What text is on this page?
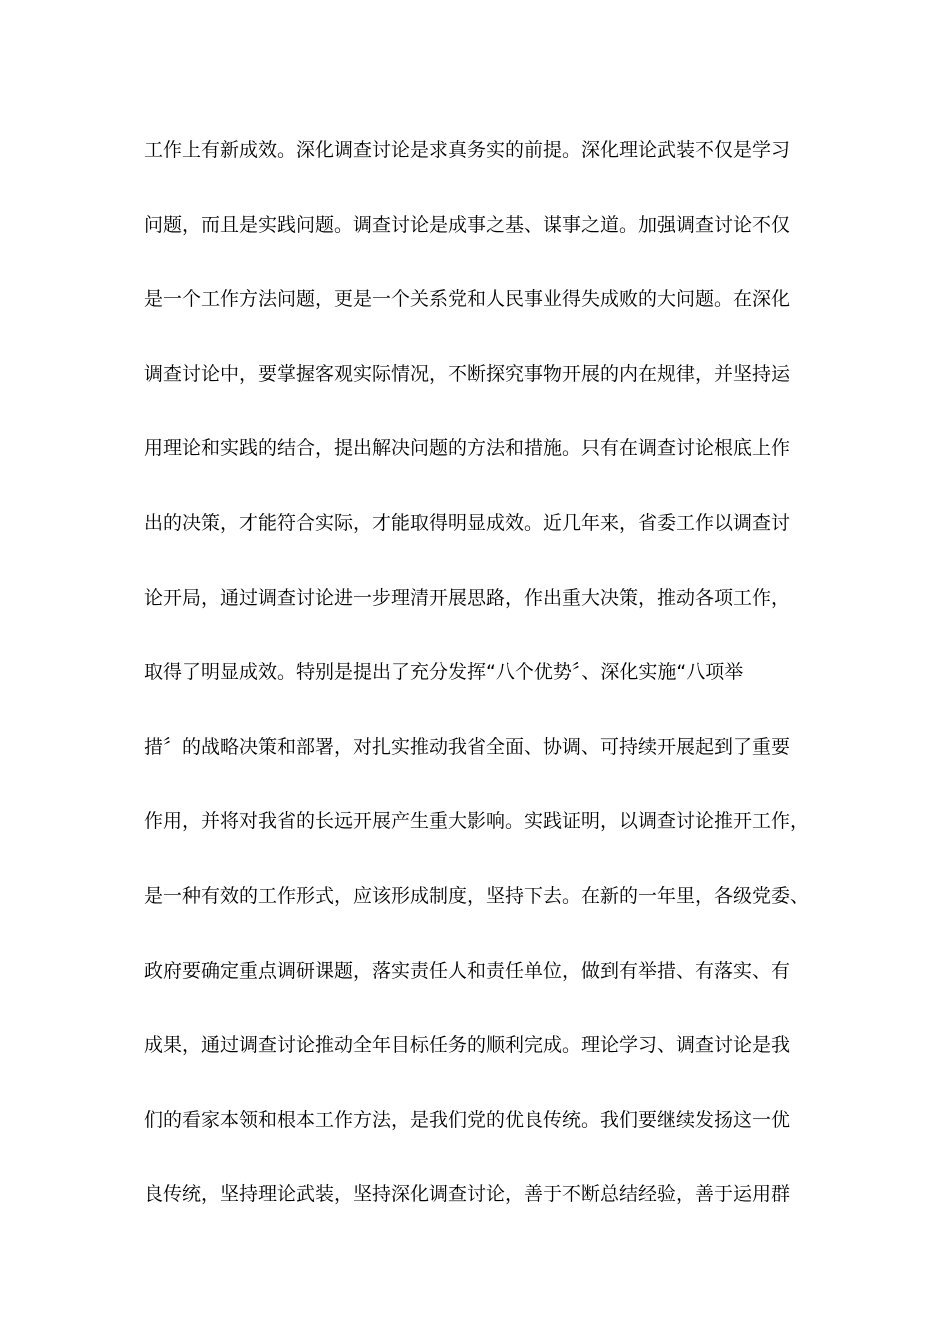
工作上有新成效。深化调查讨论是求真务实的前提。深化理论武装不仅是学习
问题，而且是实践问题。调查讨论是成事之基、谋事之道。加强调查讨论不仅
是一个工作方法问题，更是一个关系党和人民事业得失成败的大问题。在深化
调查讨论中，要掌握客观实际情况，不断探究事物开展的内在规律，并坚持运
用理论和实践的结合，提出解决问题的方法和措施。只有在调查讨论根底上作
出的决策，才能符合实际，才能取得明显成效。近几年来，省委工作以调查讨
论开局，通过调查讨论进一步理清开展思路，作出重大决策，推动各项工作，
取得了明显成效。特别是提出了充分发挥“八个优势〞、深化实施“八项举
措〞的战略决策和部署，对扎实推动我省全面、协调、可持续开展起到了重要
作用，并将对我省的长远开展产生重大影响。实践证明，以调查讨论推开工作，
是一种有效的工作形式，应该形成制度，坚持下去。在新的一年里，各级党委、
政府要确定重点调研课题，落实责任人和责任单位，做到有举措、有落实、有
成果，通过调查讨论推动全年目标任务的顺利完成。理论学习、调查讨论是我
们的看家本领和根本工作方法，是我们党的优良传统。我们要继续发扬这一优
良传统，坚持理论武装，坚持深化调查讨论，善于不断总结经验，善于运用群
